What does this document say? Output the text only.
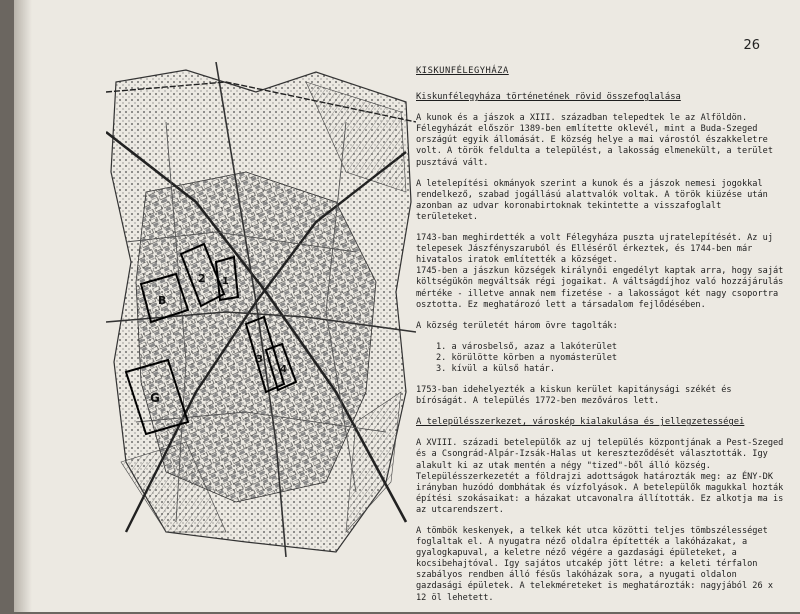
26

B
2 1
3
4
G
KISKUNFÉLEGYHÁZA
Kiskunfélegyháza történetének rövid összefoglalása

A kunok és a jászok a XIII. században telepedtek le az Alföldön. Félegyházát először 1389-ben említette oklevél, mint a Buda-Szeged országút egyik állomását. E község helye a mai várostól északkeletre volt. A török feldulta a települést, a lakosság elmenekült, a terület pusztává vált.

A letelepítési okmányok szerint a kunok és a jászok nemesi jogokkal rendelkező, szabad jogállású alattvalók voltak. A török kiüzése után azonban az udvar koronabirtoknak tekintette a visszafoglalt területeket.

1743-ban meghirdették a volt Félegyháza puszta ujratelepítését. Az uj telepesek Jászfényszaruból és Elléséről érkeztek, és 1744-ben már hivatalos iratok említették a községet.

1745-ben a jászkun községek királynői engedélyt kaptak arra, hogy saját költségükön megváltsák régi jogaikat. A váltságdíjhoz való hozzájárulás mértéke - illetve annak nem fizetése - a lakosságot két nagy csoportra osztotta. Ez meghatározó lett a társadalom fejlődésében.

A község területét három övre tagolták:

1. a városbelső, azaz a lakóterület
2. körülötte körben a nyomásterület
3. kívül a külső határ.

1753-ban idehelyezték a kiskun kerület kapitánysági székét és bíróságát. A település 1772-ben mezőváros lett.

A településszerkezet, városkép kialakulása és jellegzetességei

A XVIII. századi betelepülők az uj település központjának a Pest-Szeged és a Csongrád-Alpár-Izsák-Halas ut kereszteződését választották. Igy alakult ki az utak mentén a négy "tized"-ből álló község. Településszerkezetét a földrajzi adottságok határozták meg: az ÉNY-DK irányban huzódó dombhátak és vízfolyások. A betelepülők magukkal hozták építési szokásaikat: a házakat utcavonalra állították. Ez alkotja ma is az utcarendszert.

A tömbök keskenyek, a telkek két utca közötti teljes tömbszélességet foglaltak el. A nyugatra néző oldalra építették a lakóházakat, a gyalogkapuval, a keletre néző végére a gazdasági épületeket, a kocsibehajtóval. Igy sajátos utcakép jött létre: a keleti térfalon szabályos rendben álló fésűs lakóházak sora, a nyugati oldalon gazdasági épületek. A telekméreteket is meghatározták: nagyjából 26 x 12 öl lehetett.
